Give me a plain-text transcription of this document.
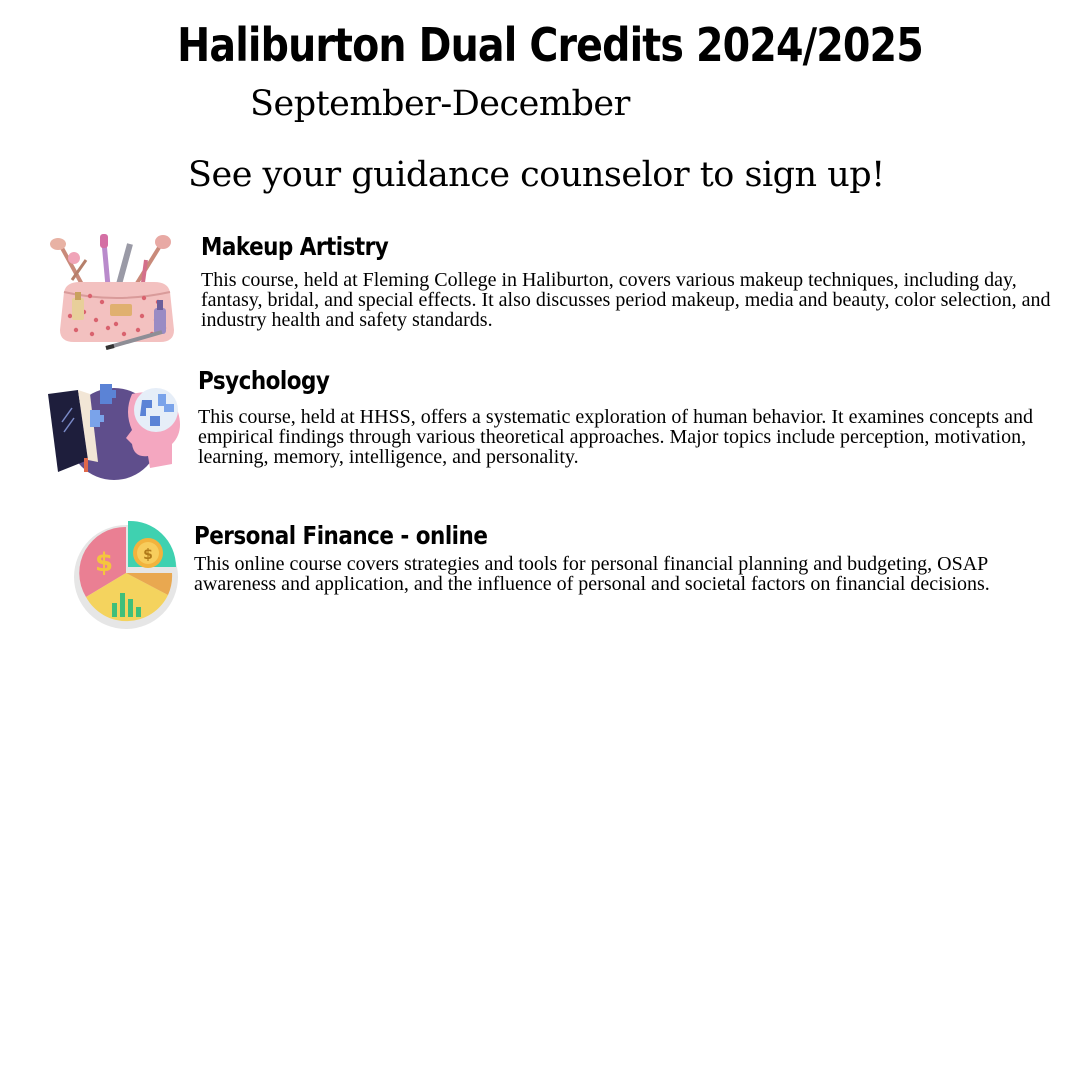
Haliburton Dual Credits 2024/2025
September-December
See your guidance counselor to sign up!
Makeup Artistry

This course, held at Fleming College in Haliburton, covers various makeup techniques, including day, fantasy, bridal, and special effects. It also discusses period makeup, media and beauty, color selection, and industry health and safety standards.

Psychology

This course, held at HHSS, offers a systematic exploration of human behavior. It examines concepts and empirical findings through various theoretical approaches. Major topics include perception, motivation, learning, memory, intelligence, and personality.

$
$
Personal Finance - online

This online course covers strategies and tools for personal financial planning and budgeting, OSAP awareness and application, and the influence of personal and societal factors on financial decisions.
